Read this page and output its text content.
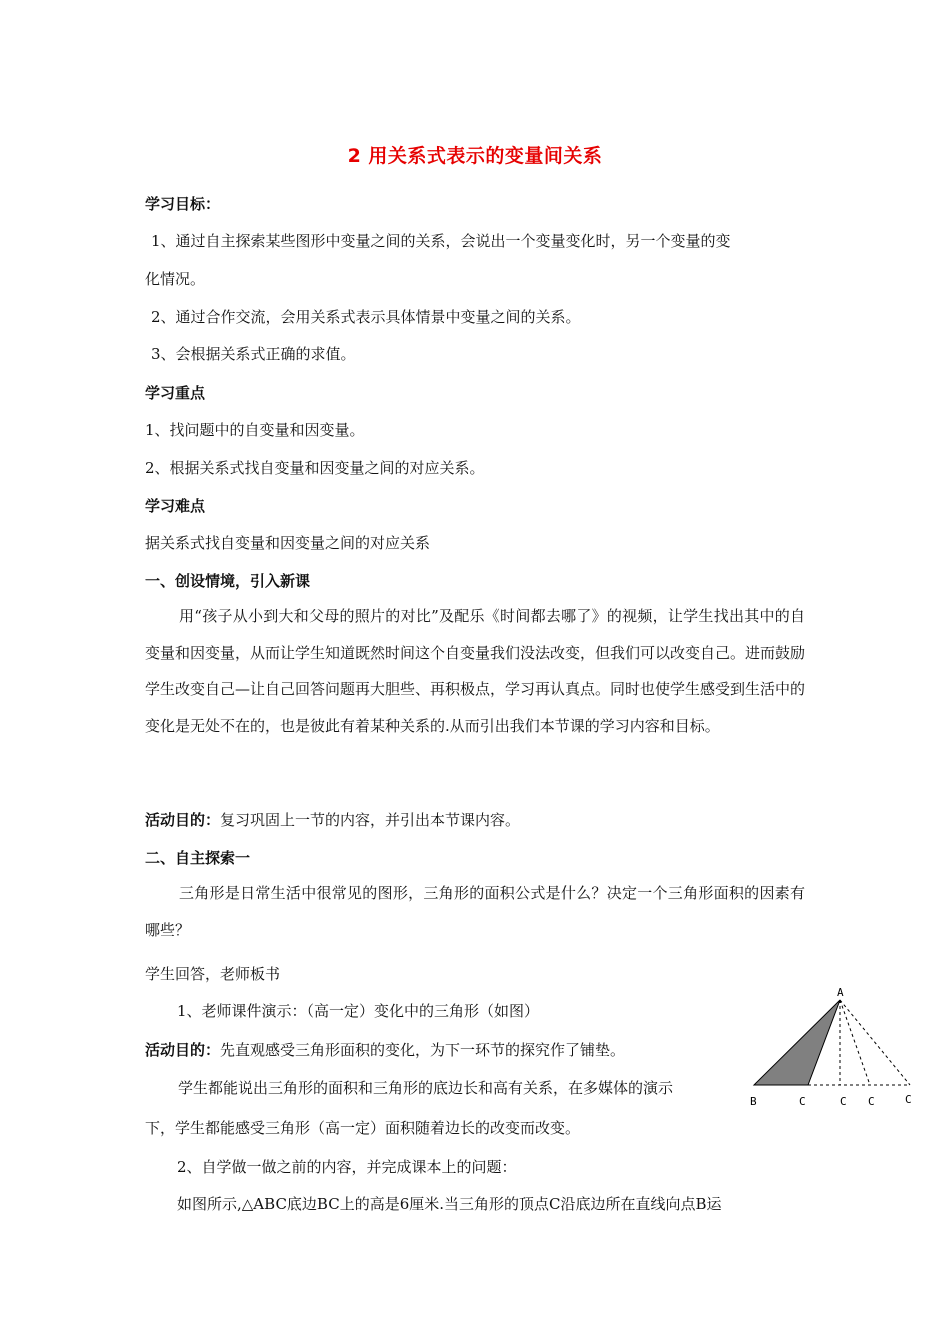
2 用关系式表示的变量间关系
学习目标：
1、通过自主探索某些图形中变量之间的关系，会说出一个变量变化时，另一个变量的变
化情况。
2、通过合作交流，会用关系式表示具体情景中变量之间的关系。
3、会根据关系式正确的求值。
学习重点
1、找问题中的自变量和因变量。
2、根据关系式找自变量和因变量之间的对应关系。
学习难点
据关系式找自变量和因变量之间的对应关系
一、创设情境，引入新课
用“孩子从小到大和父母的照片的对比”及配乐《时间都去哪了》的视频，让学生找出其中的自变量和因变量，从而让学生知道既然时间这个自变量我们没法改变，但我们可以改变自己。进而鼓励学生改变自己—让自己回答问题再大胆些、再积极点，学习再认真点。同时也使学生感受到生活中的变化是无处不在的，也是彼此有着某种关系的.从而引出我们本节课的学习内容和目标。
活动目的：复习巩固上一节的内容，并引出本节课内容。
二、自主探索一
三角形是日常生活中很常见的图形，三角形的面积公式是什么？决定一个三角形面积的因素有哪些？
学生回答，老师板书
1、老师课件演示：（高一定）变化中的三角形（如图）
活动目的：先直观感受三角形面积的变化，为下一环节的探究作了铺垫。
学生都能说出三角形的面积和三角形的底边长和高有关系，在多媒体的演示
下，学生都能感受三角形（高一定）面积随着边长的改变而改变。
2、自学做一做之前的内容，并完成课本上的问题：
如图所示,△ABC底边BC上的高是6厘米.当三角形的顶点C沿底边所在直线向点B运
A
B	C	C C	C
